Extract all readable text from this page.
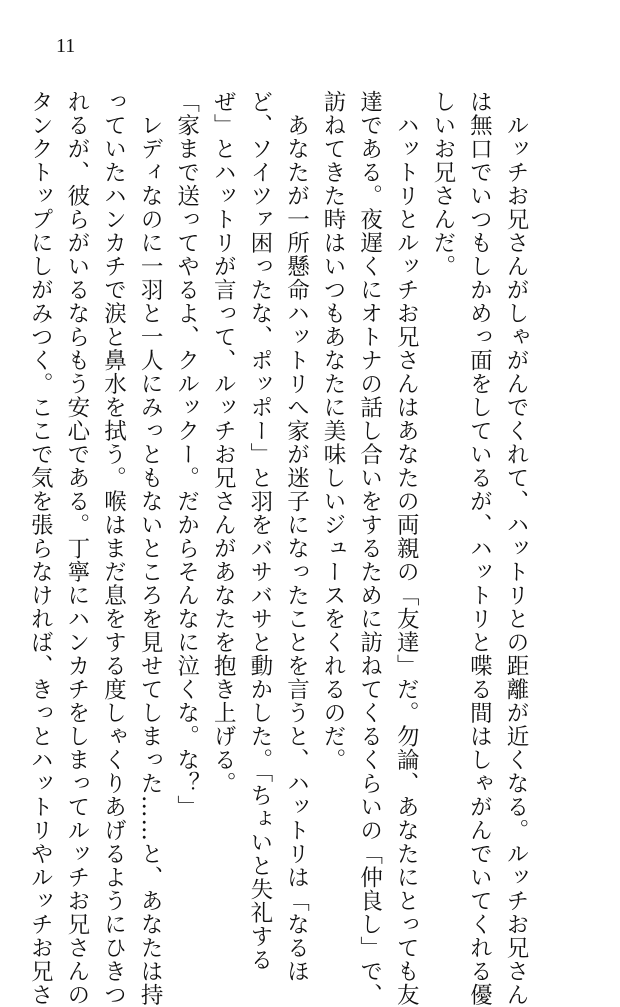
11
　ルッチお兄さんがしゃがんでくれて、ハットリとの距離が近くなる。ルッチお兄さん
は無口でいつもしかめっ面をしているが、ハットリと喋る間はしゃがんでいてくれる優
しいお兄さんだ。
　ハットリとルッチお兄さんはあなたの両親の「友達」だ。勿論、あなたにとっても友
達である。夜遅くにオトナの話し合いをするために訪ねてくるくらいの「仲良し」で、
訪ねてきた時はいつもあなたに美味しいジュースをくれるのだ。
　あなたが一所懸命ハットリへ家が迷子になったことを言うと、ハットリは「なるほ
ど、ソイツァ困ったな、ポッポー」と羽をバサバサと動かした。「ちょいと失礼する
ぜ」とハットリが言って、ルッチお兄さんがあなたを抱き上げる。
「家まで送ってやるよ、クルックー。だからそんなに泣くな。な？」
　レディなのに一羽と一人にみっともないところを見せてしまった……と、あなたは持
っていたハンカチで涙と鼻水を拭う。喉はまだ息をする度しゃくりあげるようにひきつ
れるが、彼らがいるならもう安心である。丁寧にハンカチをしまってルッチお兄さんの
タンクトップにしがみつく。ここで気を張らなければ、きっとハットリやルッチお兄さ
